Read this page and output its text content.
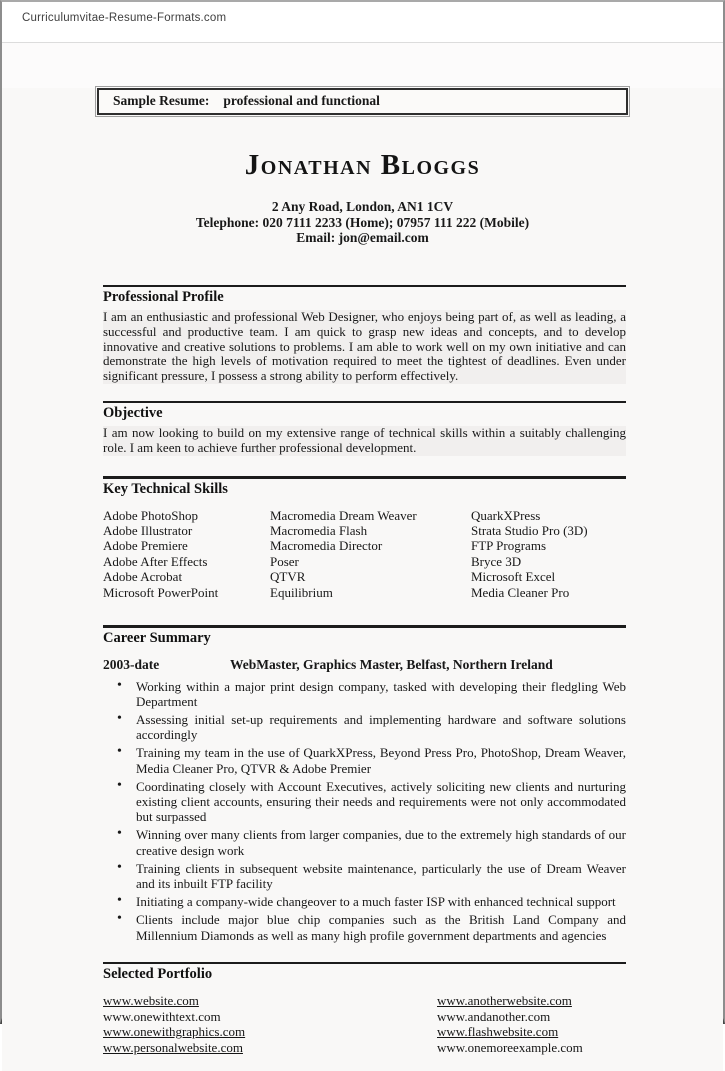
Curriculumvitae-Resume-Formats.com
Sample Resume: professional and functional
Jonathan Bloggs
2 Any Road, London, AN1 1CV
Telephone: 020 7111 2233 (Home); 07957 111 222 (Mobile)
Email: jon@email.com
Professional Profile

I am an enthusiastic and professional Web Designer, who enjoys being part of, as well as leading, a successful and productive team. I am quick to grasp new ideas and concepts, and to develop innovative and creative solutions to problems. I am able to work well on my own initiative and can demonstrate the high levels of motivation required to meet the tightest of deadlines. Even under significant pressure, I possess a strong ability to perform effectively.

Objective

I am now looking to build on my extensive range of technical skills within a suitably challenging role. I am keen to achieve further professional development.

Key Technical Skills
Adobe PhotoShop
Adobe Illustrator
Adobe Premiere
Adobe After Effects
Adobe Acrobat
Microsoft PowerPoint
Macromedia Dream Weaver
Macromedia Flash
Macromedia Director
Poser
QTVR
Equilibrium
QuarkXPress
Strata Studio Pro (3D)
FTP Programs
Bryce 3D
Microsoft Excel
Media Cleaner Pro
Career Summary
2003-date	WebMaster, Graphics Master, Belfast, Northern Ireland
• Working within a major print design company, tasked with developing their fledgling Web Department
• Assessing initial set-up requirements and implementing hardware and software solutions accordingly
• Training my team in the use of QuarkXPress, Beyond Press Pro, PhotoShop, Dream Weaver, Media Cleaner Pro, QTVR & Adobe Premier
• Coordinating closely with Account Executives, actively soliciting new clients and nurturing existing client accounts, ensuring their needs and requirements were not only accommodated but surpassed
• Winning over many clients from larger companies, due to the extremely high standards of our creative design work
• Training clients in subsequent website maintenance, particularly the use of Dream Weaver and its inbuilt FTP facility
• Initiating a company-wide changeover to a much faster ISP with enhanced technical support
• Clients include major blue chip companies such as the British Land Company and Millennium Diamonds as well as many high profile government departments and agencies
Selected Portfolio
www.website.com
www.onewithtext.com
www.onewithgraphics.com
www.personalwebsite.com
www.anotherwebsite.com
www.andanother.com
www.flashwebsite.com
www.onemoreexample.com
